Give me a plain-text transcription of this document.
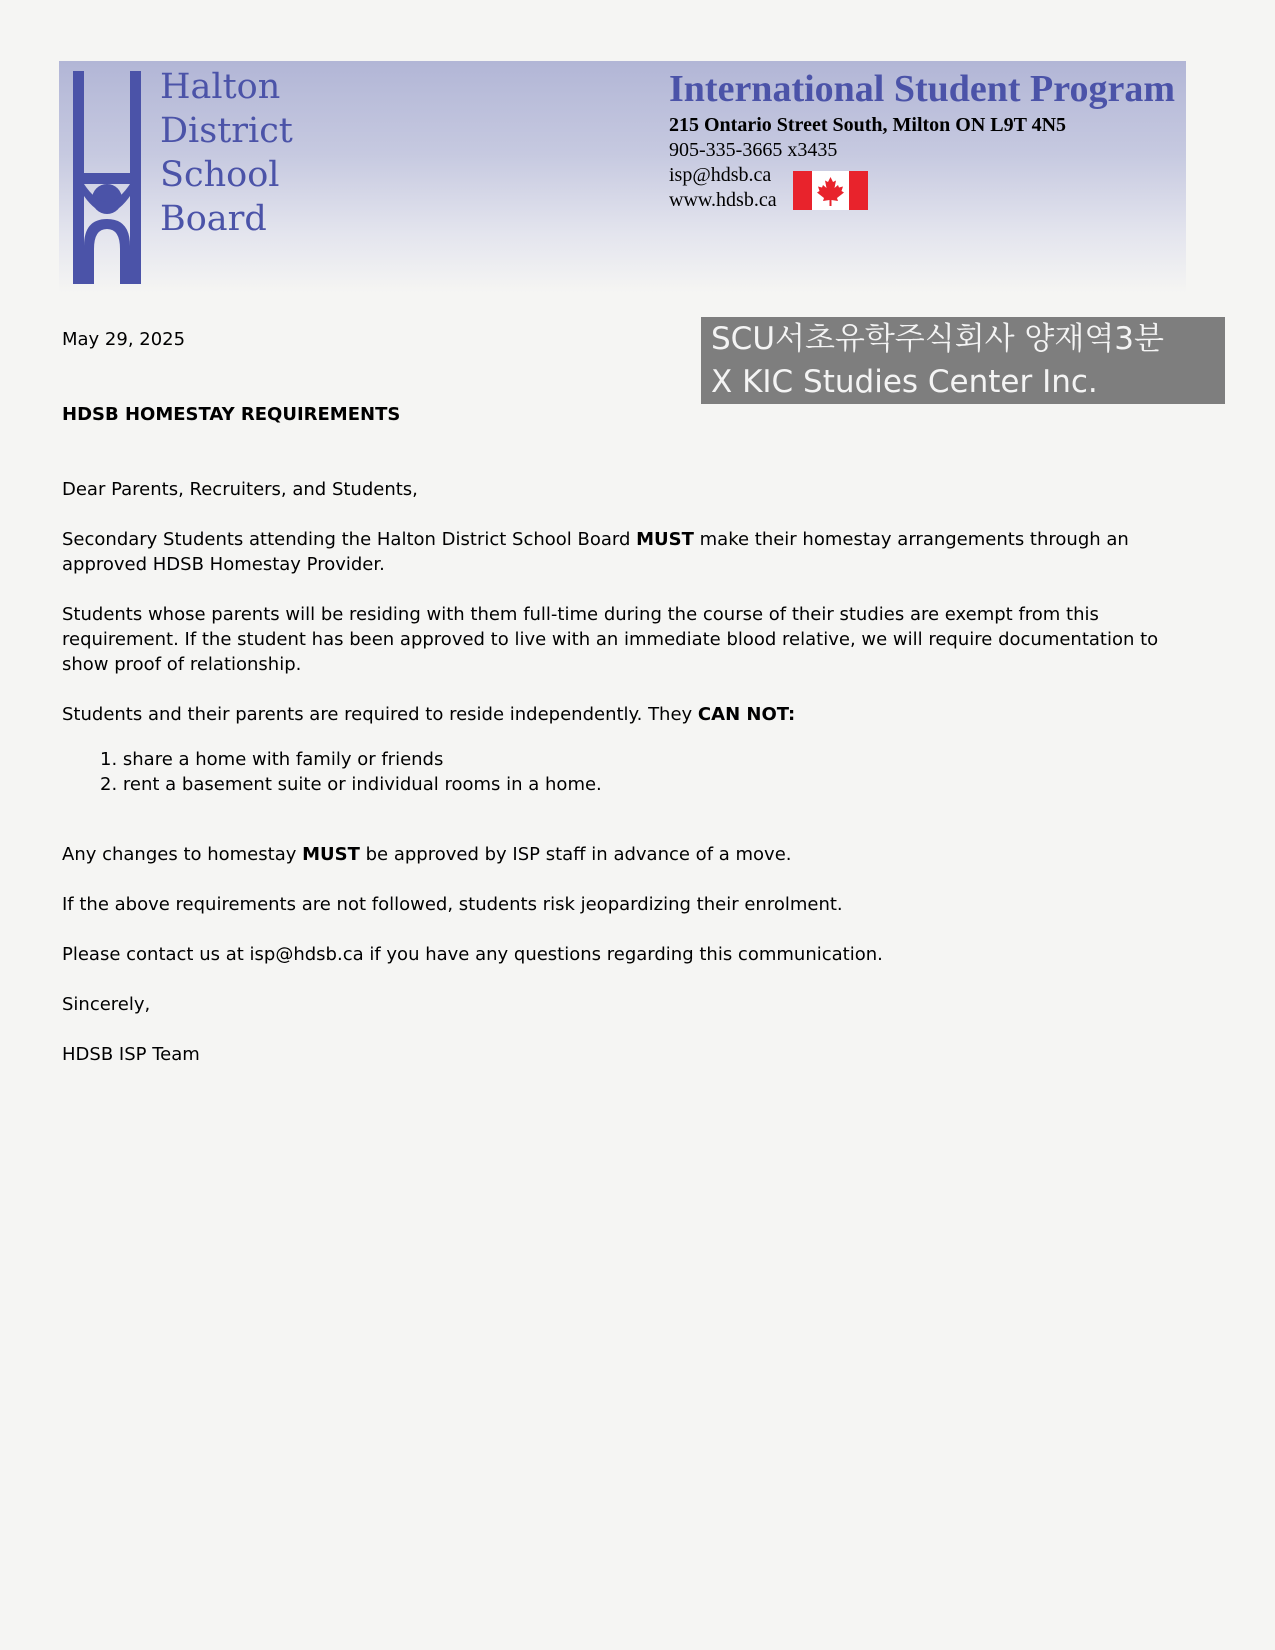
Halton
District
School
Board
International Student Program
215 Ontario Street South, Milton ON L9T 4N5
905-335-3665 x3435
isp@hdsb.ca
www.hdsb.ca
SCU서초유학주식회사 양재역3분
X KIC Studies Center Inc.
May 29, 2025
HDSB HOMESTAY REQUIREMENTS
Dear Parents, Recruiters, and Students,
Secondary Students attending the Halton District School Board MUST make their homestay arrangements through an approved HDSB Homestay Provider.
Students whose parents will be residing with them full-time during the course of their studies are exempt from this requirement. If the student has been approved to live with an immediate blood relative, we will require documentation to show proof of relationship.
Students and their parents are required to reside independently. They CAN NOT:
1. share a home with family or friends
2. rent a basement suite or individual rooms in a home.
Any changes to homestay MUST be approved by ISP staff in advance of a move.
If the above requirements are not followed, students risk jeopardizing their enrolment.
Please contact us at isp@hdsb.ca if you have any questions regarding this communication.
Sincerely,
HDSB ISP Team
